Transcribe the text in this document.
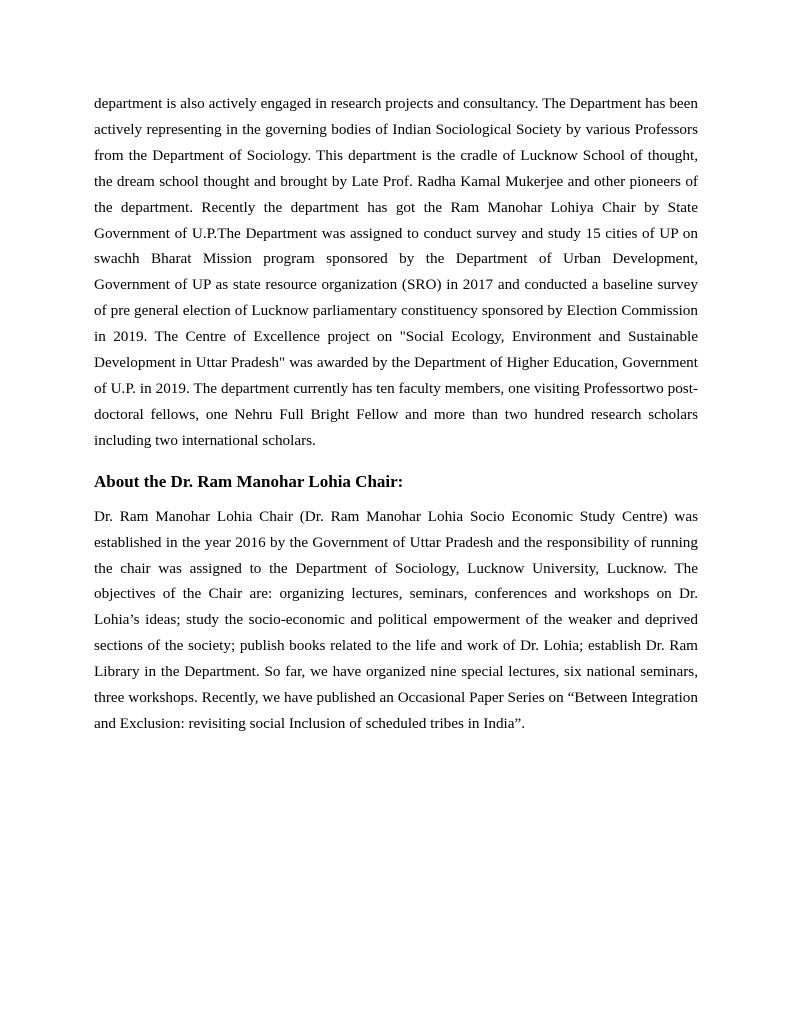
department is also actively engaged in research projects and consultancy. The Department has been actively representing in the governing bodies of Indian Sociological Society by various Professors from the Department of Sociology. This department is the cradle of Lucknow School of thought, the dream school thought and brought by Late Prof. Radha Kamal Mukerjee and other pioneers of the department. Recently the department has got the Ram Manohar Lohiya Chair by State Government of U.P.The Department was assigned to conduct survey and study 15 cities of UP on swachh Bharat Mission program sponsored by the Department of Urban Development, Government of UP as state resource organization (SRO) in 2017 and conducted a baseline survey of pre general election of Lucknow parliamentary constituency sponsored by Election Commission in 2019. The Centre of Excellence project on "Social Ecology, Environment and Sustainable Development in Uttar Pradesh" was awarded by the Department of Higher Education, Government of U.P. in 2019. The department currently has ten faculty members, one visiting Professortwo post-doctoral fellows, one Nehru Full Bright Fellow and more than two hundred research scholars including two international scholars.

About the Dr. Ram Manohar Lohia Chair:

Dr. Ram Manohar Lohia Chair (Dr. Ram Manohar Lohia Socio Economic Study Centre) was established in the year 2016 by the Government of Uttar Pradesh and the responsibility of running the chair was assigned to the Department of Sociology, Lucknow University, Lucknow. The objectives of the Chair are: organizing lectures, seminars, conferences and workshops on Dr. Lohia’s ideas; study the socio-economic and political empowerment of the weaker and deprived sections of the society; publish books related to the life and work of Dr. Lohia; establish Dr. Ram Library in the Department. So far, we have organized nine special lectures, six national seminars, three workshops. Recently, we have published an Occasional Paper Series on “Between Integration and Exclusion: revisiting social Inclusion of scheduled tribes in India”.
